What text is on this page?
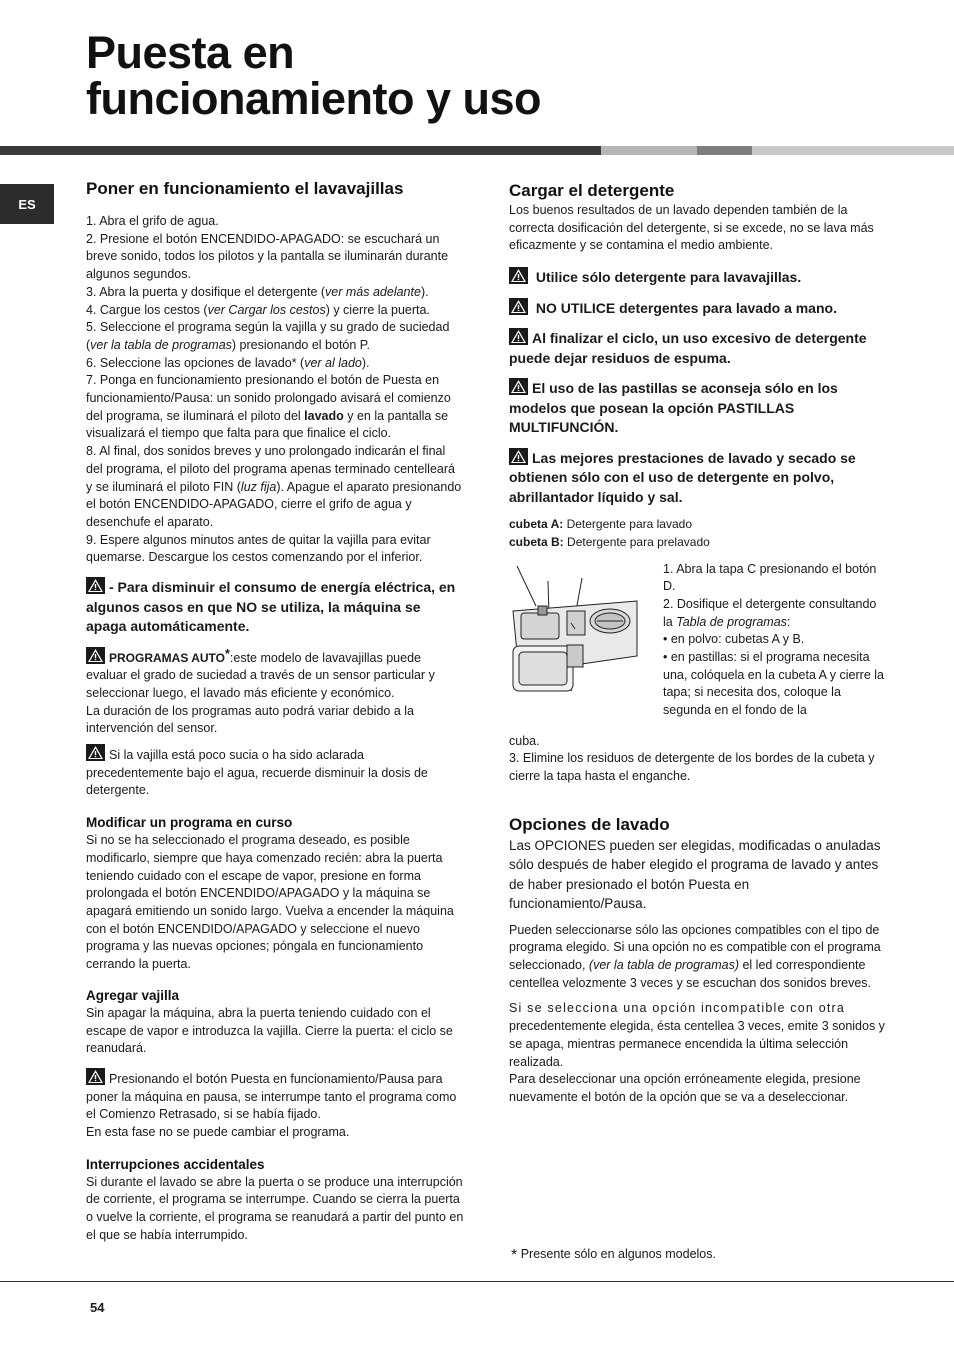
Puesta en
funcionamiento y uso
ES
Poner en funcionamiento el lavavajillas

1. Abra el grifo de agua.

2. Presione el botón ENCENDIDO-APAGADO: se escuchará un breve sonido, todos los pilotos y la pantalla se iluminarán durante algunos segundos.

3. Abra la puerta y dosifique el detergente (ver más adelante).

4. Cargue los cestos (ver Cargar los cestos) y cierre la puerta.

5. Seleccione el programa según la vajilla y su grado de suciedad (ver la tabla de programas) presionando el botón P.

6. Seleccione las opciones de lavado* (ver al lado).

7. Ponga en funcionamiento presionando el botón de Puesta en funcionamiento/Pausa: un sonido prolongado avisará el comienzo del programa, se iluminará el piloto del lavado y en la pantalla se visualizará el tiempo que falta para que finalice el ciclo.

8. Al final, dos sonidos breves y uno prolongado indicarán el final del programa, el piloto del programa apenas terminado centelleará y se iluminará el piloto FIN (luz fija). Apague el aparato presionando el botón ENCENDIDO-APAGADO, cierre el grifo de agua y desenchufe el aparato.

9. Espere algunos minutos antes de quitar la vajilla para evitar quemarse. Descargue los cestos comenzando por el inferior.

- Para disminuir el consumo de energía eléctrica, en algunos casos en que NO se utiliza, la máquina se apaga automáticamente.

PROGRAMAS AUTO*:este modelo de lavavajillas puede evaluar el grado de suciedad a través de un sensor particular y seleccionar luego, el lavado más eficiente y económico.

La duración de los programas auto podrá variar debido a la intervención del sensor.

Si la vajilla está poco sucia o ha sido aclarada precedentemente bajo el agua, recuerde disminuir la dosis de detergente.

Modificar un programa en curso

Si no se ha seleccionado el programa deseado, es posible modificarlo, siempre que haya comenzado recién: abra la puerta teniendo cuidado con el escape de vapor, presione en forma prolongada el botón ENCENDIDO/APAGADO y la máquina se apagará emitiendo un sonido largo. Vuelva a encender la máquina con el botón ENCENDIDO/APAGADO y seleccione el nuevo programa y las nuevas opciones; póngala en funcionamiento cerrando la puerta.

Agregar vajilla

Sin apagar la máquina, abra la puerta teniendo cuidado con el escape de vapor e introduzca la vajilla. Cierre la puerta: el ciclo se reanudará.

Presionando el botón Puesta en funcionamiento/Pausa para poner la máquina en pausa, se interrumpe tanto el programa como el Comienzo Retrasado, si se había fijado.

En esta fase no se puede cambiar el programa.

Interrupciones accidentales

Si durante el lavado se abre la puerta o se produce una interrupción de corriente, el programa se interrumpe. Cuando se cierra la puerta o vuelve la corriente, el programa se reanudará a partir del punto en el que se había interrumpido.

Cargar el detergente

Los buenos resultados de un lavado dependen también de la correcta dosificación del detergente, si se excede, no se lava más eficazmente y se contamina el medio ambiente.

Utilice sólo detergente para lavavajillas.

NO UTILICE detergentes para lavado a mano.

Al finalizar el ciclo, un uso excesivo de detergente puede dejar residuos de espuma.

El uso de las pastillas se aconseja sólo en los modelos que posean la opción PASTILLAS MULTIFUNCIÓN.

Las mejores prestaciones de lavado y secado se obtienen sólo con el uso de detergente en polvo, abrillantador líquido y sal.

cubeta A: Detergente para lavado

cubeta B: Detergente para prelavado

1. Abra la tapa C presionando el botón D.

2. Dosifique el detergente consultando la Tabla de programas:

• en polvo: cubetas A y B.

• en pastillas: si el programa necesita una, colóquela en la cubeta A y cierre la tapa; si necesita dos, coloque la segunda en el fondo de la

cuba.

3. Elimine los residuos de detergente de los bordes de la cubeta y cierre la tapa hasta el enganche.

Opciones de lavado

Las OPCIONES pueden ser elegidas, modificadas o anuladas sólo después de haber elegido el programa de lavado y antes de haber presionado el botón Puesta en funcionamiento/Pausa.

Pueden seleccionarse sólo las opciones compatibles con el tipo de programa elegido. Si una opción no es compatible con el programa seleccionado, (ver la tabla de programas) el led correspondiente centellea velozmente 3 veces y se escuchan dos sonidos breves.

Si se selecciona una opción incompatible con otra

precedentemente elegida, ésta centellea 3 veces, emite 3 sonidos y se apaga, mientras permanece encendida la última selección realizada.

Para deseleccionar una opción erróneamente elegida, presione nuevamente el botón de la opción que se va a deseleccionar.

* Presente sólo en algunos modelos.
54
